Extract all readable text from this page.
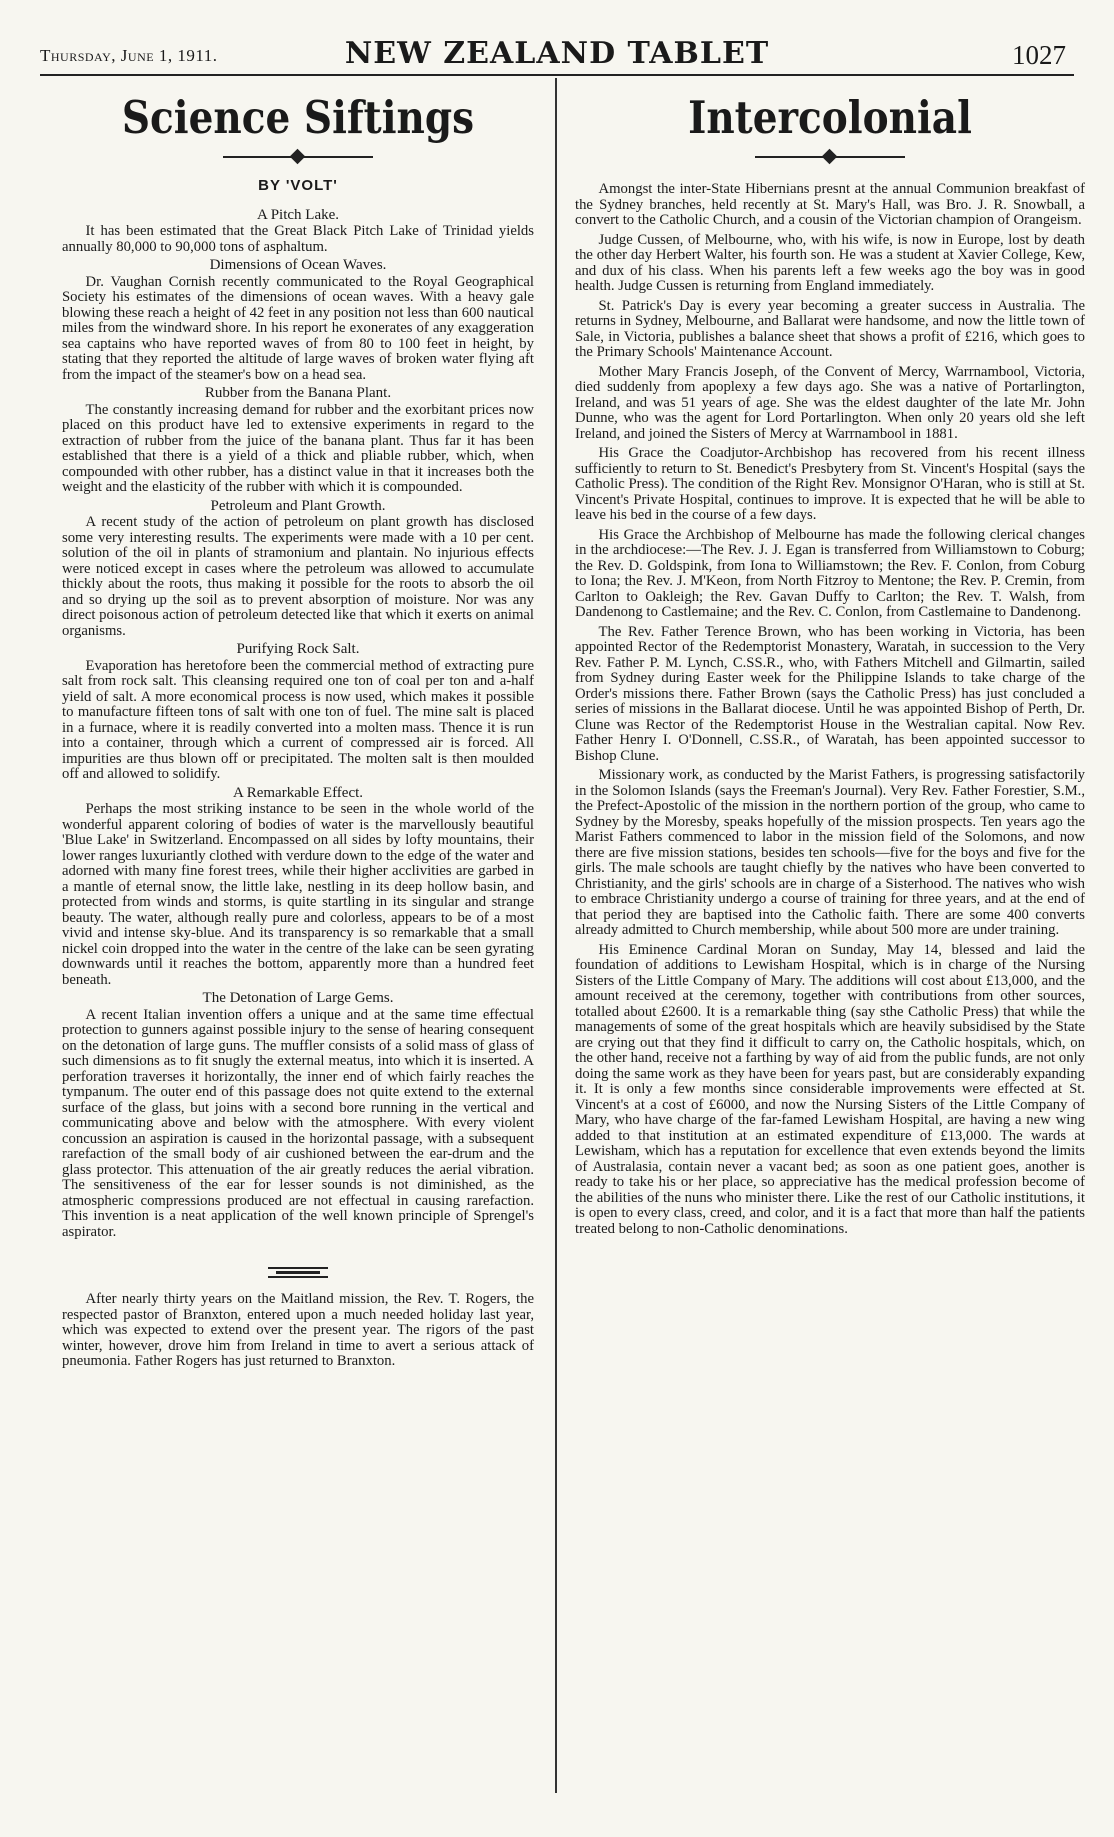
Thursday, June 1, 1911.	NEW ZEALAND TABLET	1027
Science Siftings
BY 'VOLT'
A Pitch Lake.

It has been estimated that the Great Black Pitch Lake of Trinidad yields annually 80,000 to 90,000 tons of asphaltum.

Dimensions of Ocean Waves.

Dr. Vaughan Cornish recently communicated to the Royal Geographical Society his estimates of the dimensions of ocean waves. With a heavy gale blowing these reach a height of 42 feet in any position not less than 600 nautical miles from the windward shore. In his report he exonerates of any exaggeration sea captains who have reported waves of from 80 to 100 feet in height, by stating that they reported the altitude of large waves of broken water flying aft from the impact of the steamer's bow on a head sea.

Rubber from the Banana Plant.

The constantly increasing demand for rubber and the exorbitant prices now placed on this product have led to extensive experiments in regard to the extraction of rubber from the juice of the banana plant. Thus far it has been established that there is a yield of a thick and pliable rubber, which, when compounded with other rubber, has a distinct value in that it increases both the weight and the elasticity of the rubber with which it is compounded.

Petroleum and Plant Growth.

A recent study of the action of petroleum on plant growth has disclosed some very interesting results. The experiments were made with a 10 per cent. solution of the oil in plants of stramonium and plantain. No injurious effects were noticed except in cases where the petroleum was allowed to accumulate thickly about the roots, thus making it possible for the roots to absorb the oil and so drying up the soil as to prevent absorption of moisture. Nor was any direct poisonous action of petroleum detected like that which it exerts on animal organisms.

Purifying Rock Salt.

Evaporation has heretofore been the commercial method of extracting pure salt from rock salt. This cleansing required one ton of coal per ton and a-half yield of salt. A more economical process is now used, which makes it possible to manufacture fifteen tons of salt with one ton of fuel. The mine salt is placed in a furnace, where it is readily converted into a molten mass. Thence it is run into a container, through which a current of compressed air is forced. All impurities are thus blown off or precipitated. The molten salt is then moulded off and allowed to solidify.

A Remarkable Effect.

Perhaps the most striking instance to be seen in the whole world of the wonderful apparent coloring of bodies of water is the marvellously beautiful 'Blue Lake' in Switzerland. Encompassed on all sides by lofty mountains, their lower ranges luxuriantly clothed with verdure down to the edge of the water and adorned with many fine forest trees, while their higher acclivities are garbed in a mantle of eternal snow, the little lake, nestling in its deep hollow basin, and protected from winds and storms, is quite startling in its singular and strange beauty. The water, although really pure and colorless, appears to be of a most vivid and intense sky-blue. And its transparency is so remarkable that a small nickel coin dropped into the water in the centre of the lake can be seen gyrating downwards until it reaches the bottom, apparently more than a hundred feet beneath.

The Detonation of Large Gems.

A recent Italian invention offers a unique and at the same time effectual protection to gunners against possible injury to the sense of hearing consequent on the detonation of large guns. The muffler consists of a solid mass of glass of such dimensions as to fit snugly the external meatus, into which it is inserted. A perforation traverses it horizontally, the inner end of which fairly reaches the tympanum. The outer end of this passage does not quite extend to the external surface of the glass, but joins with a second bore running in the vertical and communicating above and below with the atmosphere. With every violent concussion an aspiration is caused in the horizontal passage, with a subsequent rarefaction of the small body of air cushioned between the ear-drum and the glass protector. This attenuation of the air greatly reduces the aerial vibration. The sensitiveness of the ear for lesser sounds is not diminished, as the atmospheric compressions produced are not effectual in causing rarefaction. This invention is a neat application of the well known principle of Sprengel's aspirator.

After nearly thirty years on the Maitland mission, the Rev. T. Rogers, the respected pastor of Branxton, entered upon a much needed holiday last year, which was expected to extend over the present year. The rigors of the past winter, however, drove him from Ireland in time to avert a serious attack of pneumonia. Father Rogers has just returned to Branxton.

Intercolonial

Amongst the inter-State Hibernians presnt at the annual Communion breakfast of the Sydney branches, held recently at St. Mary's Hall, was Bro. J. R. Snowball, a convert to the Catholic Church, and a cousin of the Victorian champion of Orangeism.

Judge Cussen, of Melbourne, who, with his wife, is now in Europe, lost by death the other day Herbert Walter, his fourth son. He was a student at Xavier College, Kew, and dux of his class. When his parents left a few weeks ago the boy was in good health. Judge Cussen is returning from England immediately.

St. Patrick's Day is every year becoming a greater success in Australia. The returns in Sydney, Melbourne, and Ballarat were handsome, and now the little town of Sale, in Victoria, publishes a balance sheet that shows a profit of £216, which goes to the Primary Schools' Maintenance Account.

Mother Mary Francis Joseph, of the Convent of Mercy, Warrnambool, Victoria, died suddenly from apoplexy a few days ago. She was a native of Portarlington, Ireland, and was 51 years of age. She was the eldest daughter of the late Mr. John Dunne, who was the agent for Lord Portarlington. When only 20 years old she left Ireland, and joined the Sisters of Mercy at Warrnambool in 1881.

His Grace the Coadjutor-Archbishop has recovered from his recent illness sufficiently to return to St. Benedict's Presbytery from St. Vincent's Hospital (says the Catholic Press). The condition of the Right Rev. Monsignor O'Haran, who is still at St. Vincent's Private Hospital, continues to improve. It is expected that he will be able to leave his bed in the course of a few days.

His Grace the Archbishop of Melbourne has made the following clerical changes in the archdiocese:—The Rev. J. J. Egan is transferred from Williamstown to Coburg; the Rev. D. Goldspink, from Iona to Williamstown; the Rev. F. Conlon, from Coburg to Iona; the Rev. J. M'Keon, from North Fitzroy to Mentone; the Rev. P. Cremin, from Carlton to Oakleigh; the Rev. Gavan Duffy to Carlton; the Rev. T. Walsh, from Dandenong to Castlemaine; and the Rev. C. Conlon, from Castlemaine to Dandenong.

The Rev. Father Terence Brown, who has been working in Victoria, has been appointed Rector of the Redemptorist Monastery, Waratah, in succession to the Very Rev. Father P. M. Lynch, C.SS.R., who, with Fathers Mitchell and Gilmartin, sailed from Sydney during Easter week for the Philippine Islands to take charge of the Order's missions there. Father Brown (says the Catholic Press) has just concluded a series of missions in the Ballarat diocese. Until he was appointed Bishop of Perth, Dr. Clune was Rector of the Redemptorist House in the Westralian capital. Now Rev. Father Henry I. O'Donnell, C.SS.R., of Waratah, has been appointed successor to Bishop Clune.

Missionary work, as conducted by the Marist Fathers, is progressing satisfactorily in the Solomon Islands (says the Freeman's Journal). Very Rev. Father Forestier, S.M., the Prefect-Apostolic of the mission in the northern portion of the group, who came to Sydney by the Moresby, speaks hopefully of the mission prospects. Ten years ago the Marist Fathers commenced to labor in the mission field of the Solomons, and now there are five mission stations, besides ten schools—five for the boys and five for the girls. The male schools are taught chiefly by the natives who have been converted to Christianity, and the girls' schools are in charge of a Sisterhood. The natives who wish to embrace Christianity undergo a course of training for three years, and at the end of that period they are baptised into the Catholic faith. There are some 400 converts already admitted to Church membership, while about 500 more are under training.

His Eminence Cardinal Moran on Sunday, May 14, blessed and laid the foundation of additions to Lewisham Hospital, which is in charge of the Nursing Sisters of the Little Company of Mary. The additions will cost about £13,000, and the amount received at the ceremony, together with contributions from other sources, totalled about £2600. It is a remarkable thing (say sthe Catholic Press) that while the managements of some of the great hospitals which are heavily subsidised by the State are crying out that they find it difficult to carry on, the Catholic hospitals, which, on the other hand, receive not a farthing by way of aid from the public funds, are not only doing the same work as they have been for years past, but are considerably expanding it. It is only a few months since considerable improvements were effected at St. Vincent's at a cost of £6000, and now the Nursing Sisters of the Little Company of Mary, who have charge of the far-famed Lewisham Hospital, are having a new wing added to that institution at an estimated expenditure of £13,000. The wards at Lewisham, which has a reputation for excellence that even extends beyond the limits of Australasia, contain never a vacant bed; as soon as one patient goes, another is ready to take his or her place, so appreciative has the medical profession become of the abilities of the nuns who minister there. Like the rest of our Catholic institutions, it is open to every class, creed, and color, and it is a fact that more than half the patients treated belong to non-Catholic denominations.
